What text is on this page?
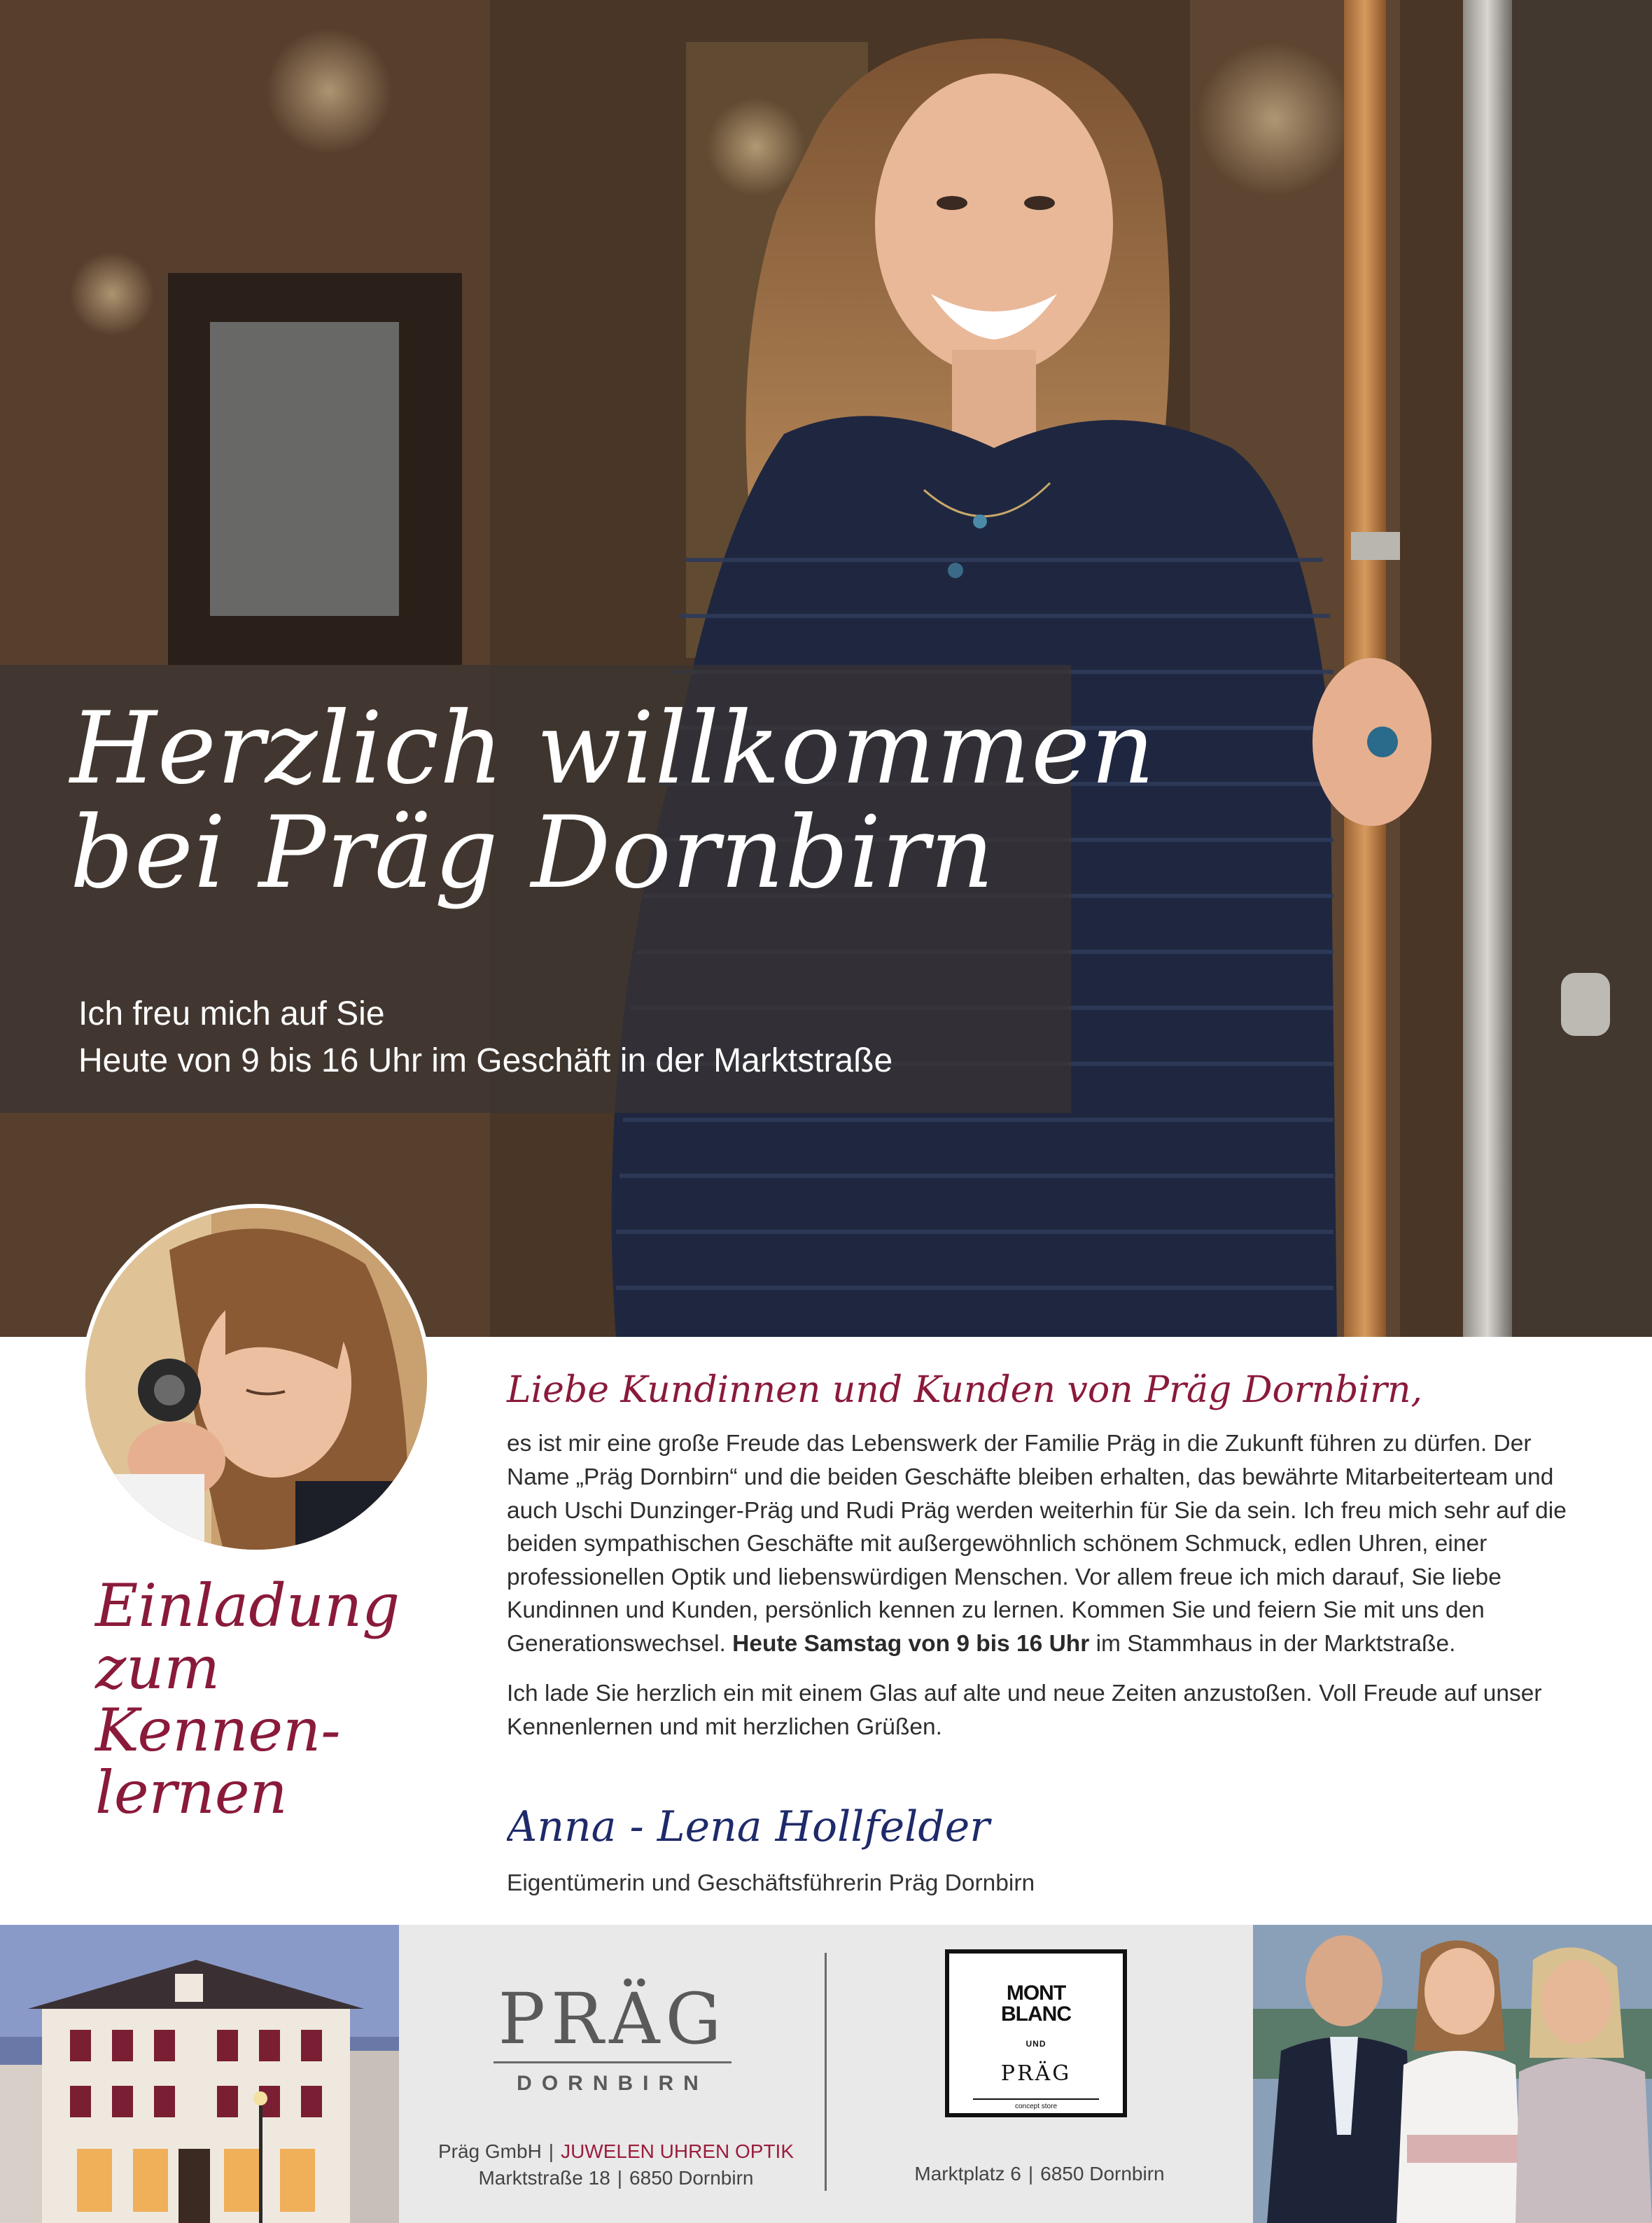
Herzlich willkommen
bei Präg Dornbirn
Ich freu mich auf Sie
Heute von 9 bis 16 Uhr im Geschäft in der Marktstraße
Einladung
zum
Kennen-
lernen
Liebe Kundinnen und Kunden von Präg Dornbirn,

es ist mir eine große Freude das Lebenswerk der Familie Präg in die Zukunft führen zu dürfen. Der Name „Präg Dornbirn“ und die beiden Geschäfte bleiben erhalten, das bewährte Mitarbeiterteam und auch Uschi Dunzinger-Präg und Rudi Präg werden weiterhin für Sie da sein. Ich freu mich sehr auf die beiden sympathischen Geschäfte mit außergewöhnlich schönem Schmuck, edlen Uhren, einer professionellen Optik und liebenswürdigen Menschen. Vor allem freue ich mich darauf, Sie liebe Kundinnen und Kunden, persönlich kennen zu lernen. Kommen Sie und feiern Sie mit uns den Generationswechsel. Heute Samstag von 9 bis 16 Uhr im Stammhaus in der Marktstraße.

Ich lade Sie herzlich ein mit einem Glas auf alte und neue Zeiten anzustoßen. Voll Freude auf unser Kennenlernen und mit herzlichen Grüßen.

Anna - Lena Hollfelder
Eigentümerin und Geschäftsführerin Präg Dornbirn
PRÄG
DORNBIRN
Präg GmbH | JUWELEN UHREN OPTIK
Marktstraße 18 | 6850 Dornbirn
MONT
BLANC
UND
PRÄG
concept store
Marktplatz 6 | 6850 Dornbirn
